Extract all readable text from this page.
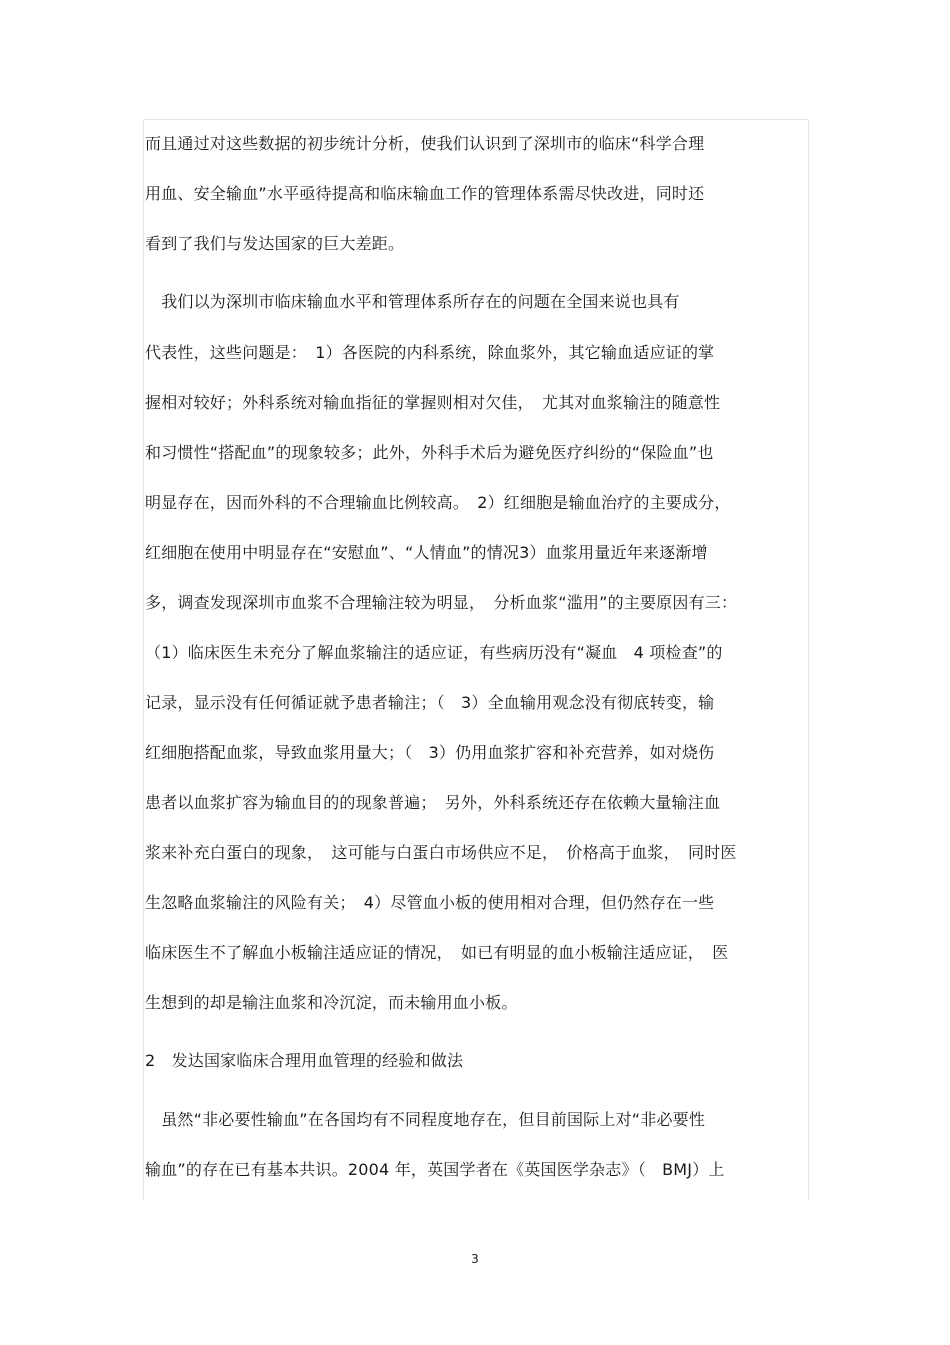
而且通过对这些数据的初步统计分析，使我们认识到了深圳市的临床“科学合理
用血、安全输血”水平亟待提高和临床输血工作的管理体系需尽快改进，同时还
看到了我们与发达国家的巨大差距。
　我们以为深圳市临床输血水平和管理体系所存在的问题在全国来说也具有
代表性，这些问题是：　1）各医院的内科系统，除血浆外，其它输血适应证的掌
握相对较好；外科系统对输血指征的掌握则相对欠佳，　尤其对血浆输注的随意性
和习惯性“搭配血”的现象较多；此外，外科手术后为避免医疗纠纷的“保险血”也
明显存在，因而外科的不合理输血比例较高。　2）红细胞是输血治疗的主要成分，
红细胞在使用中明显存在“安慰血”、“人情血”的情况3）血浆用量近年来逐渐增
多，调查发现深圳市血浆不合理输注较为明显，　分析血浆“滥用”的主要原因有三：
（1）临床医生未充分了解血浆输注的适应证，有些病历没有“凝血　4 项检查”的
记录，显示没有任何循证就予患者输注；（　3）全血输用观念没有彻底转变，输
红细胞搭配血浆，导致血浆用量大；（　3）仍用血浆扩容和补充营养，如对烧伤
患者以血浆扩容为输血目的的现象普遍；　另外，外科系统还存在依赖大量输注血
浆来补充白蛋白的现象，　这可能与白蛋白市场供应不足，　价格高于血浆，　同时医
生忽略血浆输注的风险有关；　4）尽管血小板的使用相对合理，但仍然存在一些
临床医生不了解血小板输注适应证的情况，　如已有明显的血小板输注适应证，　医
生想到的却是输注血浆和冷沉淀，而未输用血小板。
2　发达国家临床合理用血管理的经验和做法
　虽然“非必要性输血”在各国均有不同程度地存在，但目前国际上对“非必要性
输血”的存在已有基本共识。2004 年，英国学者在《英国医学杂志》（　BMJ）上
3
